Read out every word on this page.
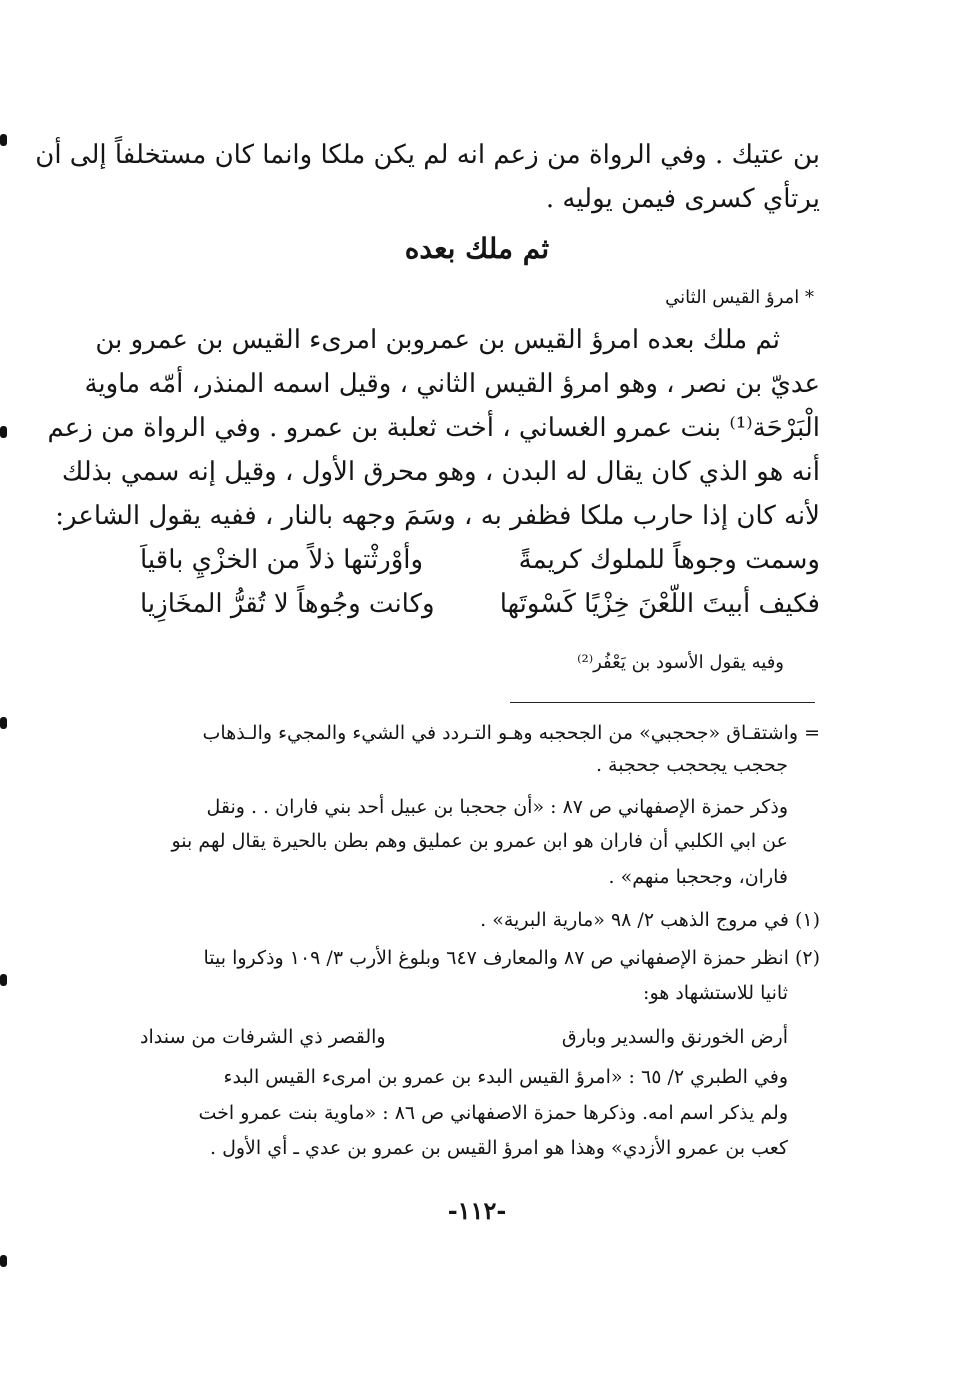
بن عتيك . وفي الرواة من زعم انه لم يكن ملكا وانما كان مستخلفاً إلى أن
يرتأي كسرى فيمن يوليه .
ثم ملك بعده
* امرؤ القيس الثاني
ثم ملك بعده امرؤ القيس بن عمروبن امرىء القيس بن عمرو بن
عديّ بن نصر ، وهو امرؤ القيس الثاني ، وقيل اسمه المنذر، أمّه ماوية
الْبَرْحَة⁽¹⁾ بنت عمرو الغساني ، أخت ثعلبة بن عمرو . وفي الرواة من زعم
أنه هو الذي كان يقال له البدن ، وهو محرق الأول ، وقيل إنه سمي بذلك
لأنه كان إذا حارب ملكا فظفر به ، وسَمَ وجهه بالنار ، ففيه يقول الشاعر:
وسمت وجوهاً للملوك كريمةً
وأوْرثْتها ذلاً من الخزْيِ باقياَ
فكيف أبيتَ اللّعْنَ خِزْيًا كَسْوتَها
وكانت وجُوهاً لا تُقرُّ المخَازِيا
وفيه يقول الأسود بن يَعْفُر⁽²⁾
= واشتقـاق «جحجبي» من الجحجبه وهـو التـردد في الشيء والمجيء والـذهاب
جحجب يجحجب جحجبة .
وذكر حمزة الإصفهاني ص ٨٧ : «أن جحجبا بن عبيل أحد بني فاران . . ونقل
عن ابي الكلبي أن فاران هو ابن عمرو بن عمليق وهم بطن بالحيرة يقال لهم بنو
فاران، وجحجبا منهم» .
(١) في مروج الذهب ٢/ ٩٨ «مارية البرية» .
(٢) انظر حمزة الإصفهاني ص ٨٧ والمعارف ٦٤٧ وبلوغ الأرب ٣/ ١٠٩ وذكروا بيتا
ثانيا للاستشهاد هو:
أرض الخورنق والسدير وبارق
والقصر ذي الشرفات من سنداد
وفي الطبري ٢/ ٦٥ : «امرؤ القيس البدء بن عمرو بن امرىء القيس البدء
ولم يذكر اسم امه. وذكرها حمزة الاصفهاني ص ٨٦ : «ماوية بنت عمرو اخت
كعب بن عمرو الأزدي» وهذا هو امرؤ القيس بن عمرو بن عدي ـ أي الأول .
-١١٢-
